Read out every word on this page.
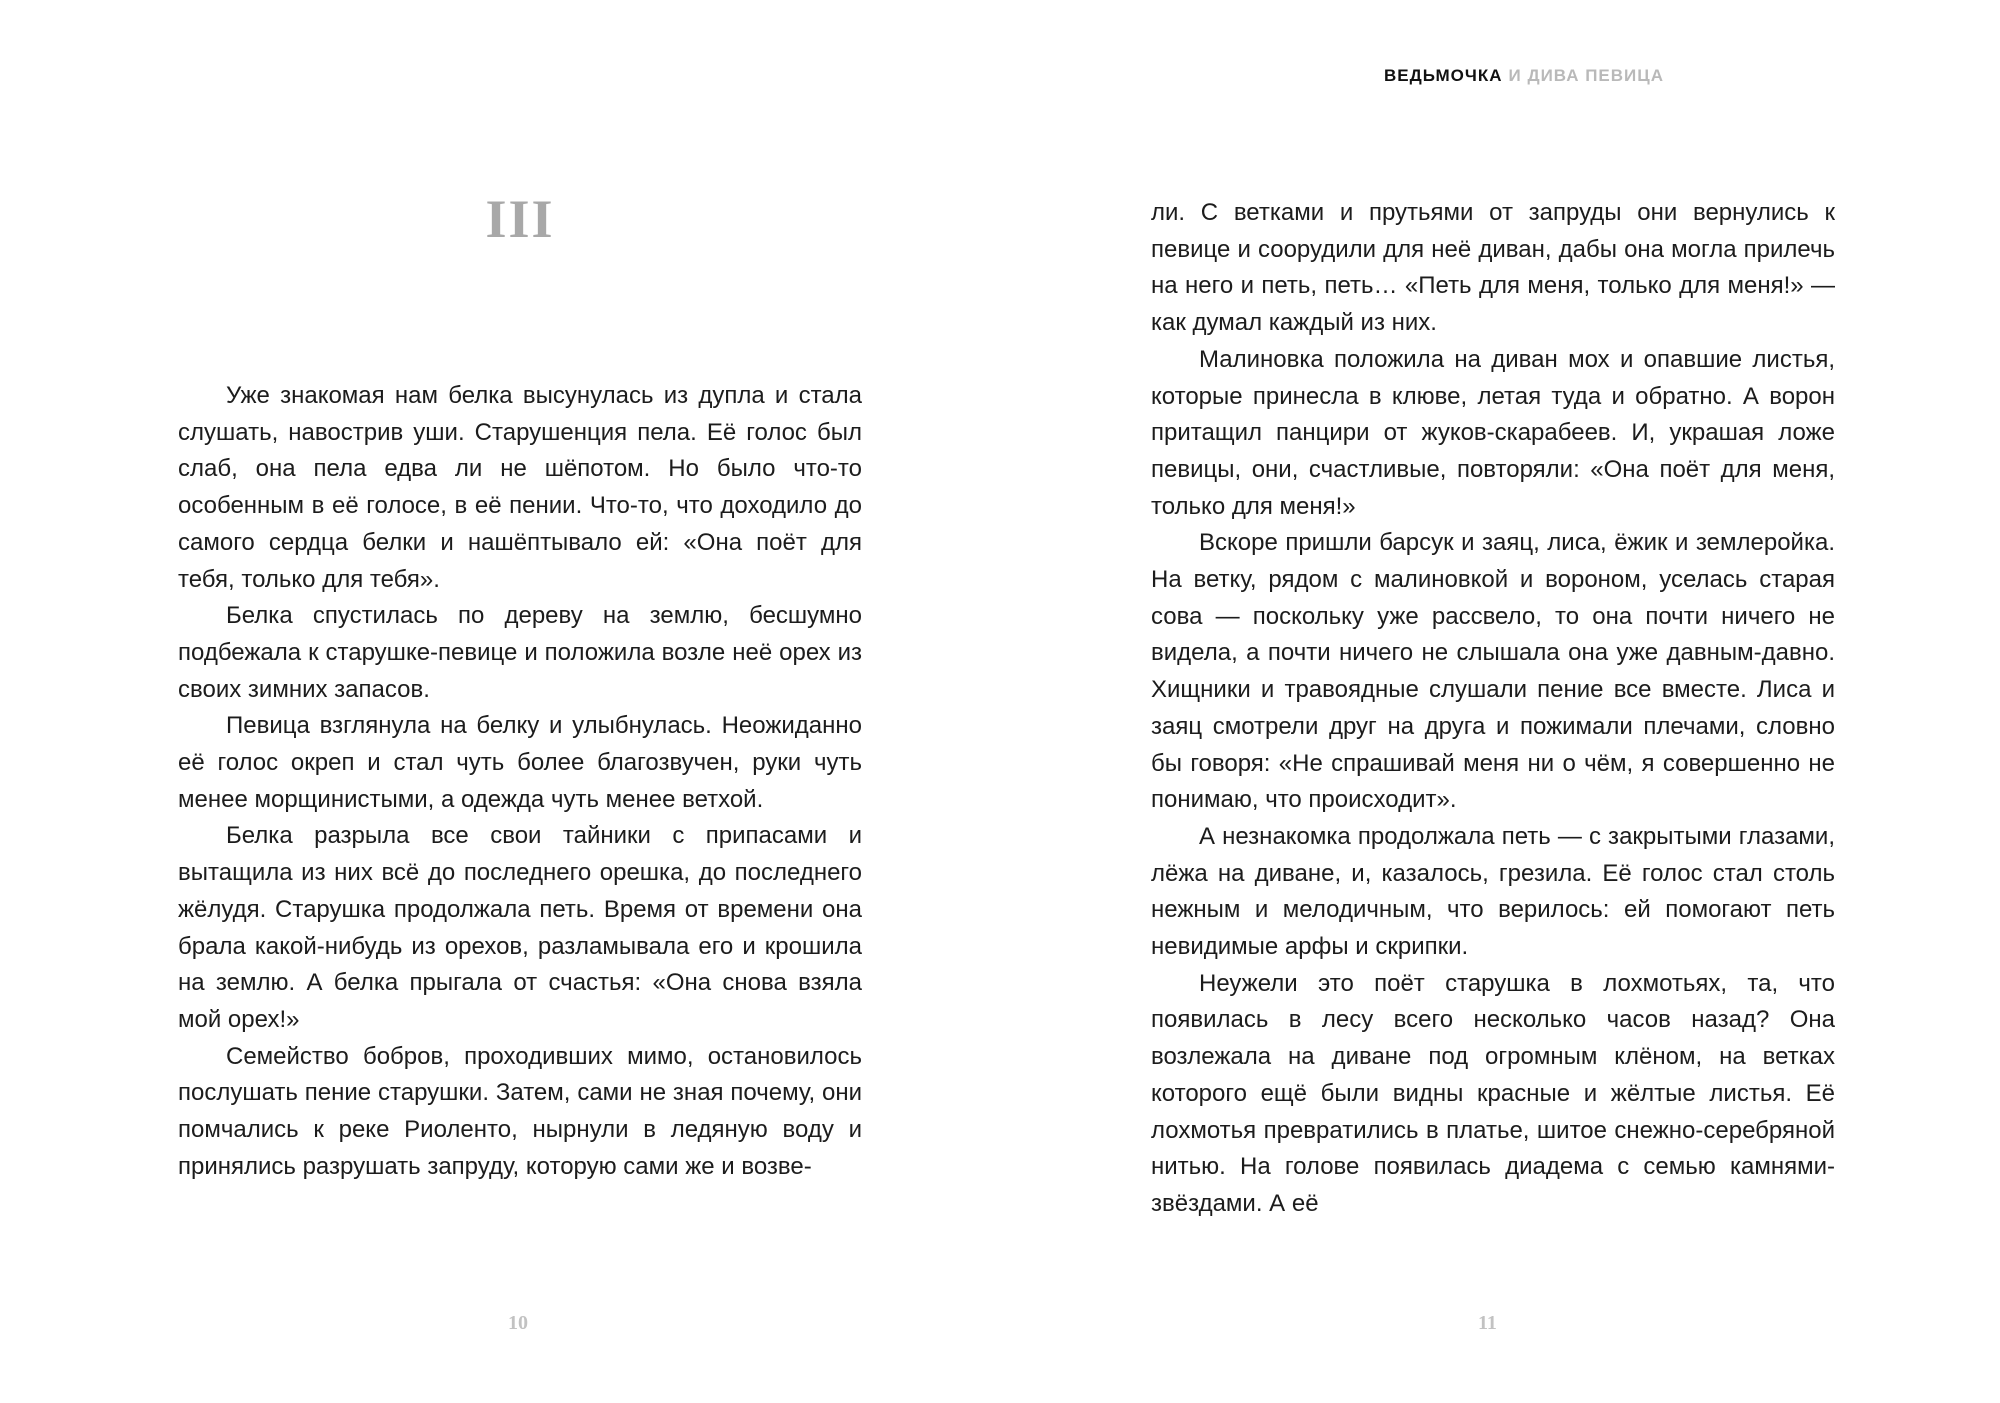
III

Уже знакомая нам белка высунулась из дупла и стала слушать, навострив уши. Старушенция пела. Её голос был слаб, она пела едва ли не шёпотом. Но было что-то особенным в её голосе, в её пении. Что-то, что доходило до самого сердца белки и нашёптывало ей: «Она поёт для тебя, только для тебя».

Белка спустилась по дереву на землю, бесшумно подбежала к старушке-певице и положила возле неё орех из своих зимних запасов.

Певица взглянула на белку и улыбнулась. Неожиданно её голос окреп и стал чуть более благозвучен, руки чуть менее морщинистыми, а одежда чуть менее ветхой.

Белка разрыла все свои тайники с припасами и вытащила из них всё до последнего орешка, до последнего жёлудя. Старушка продолжала петь. Время от времени она брала какой-нибудь из орехов, разламывала его и крошила на землю. А белка прыгала от счастья: «Она снова взяла мой орех!»

Семейство бобров, проходивших мимо, остановилось послушать пение старушки. Затем, сами не зная почему, они помчались к реке Риоленто, нырнули в ледяную воду и принялись разрушать запруду, которую сами же и возве-

10
ВЕДЬМОЧКА И ДИВА ПЕВИЦА

ли. С ветками и прутьями от запруды они вернулись к певице и соорудили для неё диван, дабы она могла прилечь на него и петь, петь… «Петь для меня, только для меня!» — как думал каждый из них.

Малиновка положила на диван мох и опавшие листья, которые принесла в клюве, летая туда и обратно. А ворон притащил панцири от жуков-скарабеев. И, украшая ложе певицы, они, счастливые, повторяли: «Она поёт для меня, только для меня!»

Вскоре пришли барсук и заяц, лиса, ёжик и землеройка. На ветку, рядом с малиновкой и вороном, уселась старая сова — поскольку уже рассвело, то она почти ничего не видела, а почти ничего не слышала она уже давным-давно. Хищники и травоядные слушали пение все вместе. Лиса и заяц смотрели друг на друга и пожимали плечами, словно бы говоря: «Не спрашивай меня ни о чём, я совершенно не понимаю, что происходит».

А незнакомка продолжала петь — с закрытыми глазами, лёжа на диване, и, казалось, грезила. Её голос стал столь нежным и мелодичным, что верилось: ей помогают петь невидимые арфы и скрипки.

Неужели это поёт старушка в лохмотьях, та, что появилась в лесу всего несколько часов назад? Она возлежала на диване под огромным клёном, на ветках которого ещё были видны красные и жёлтые листья. Её лохмотья превратились в платье, шитое снежно-серебряной нитью. На голове появилась диадема с семью камнями-звёздами. А её

11
